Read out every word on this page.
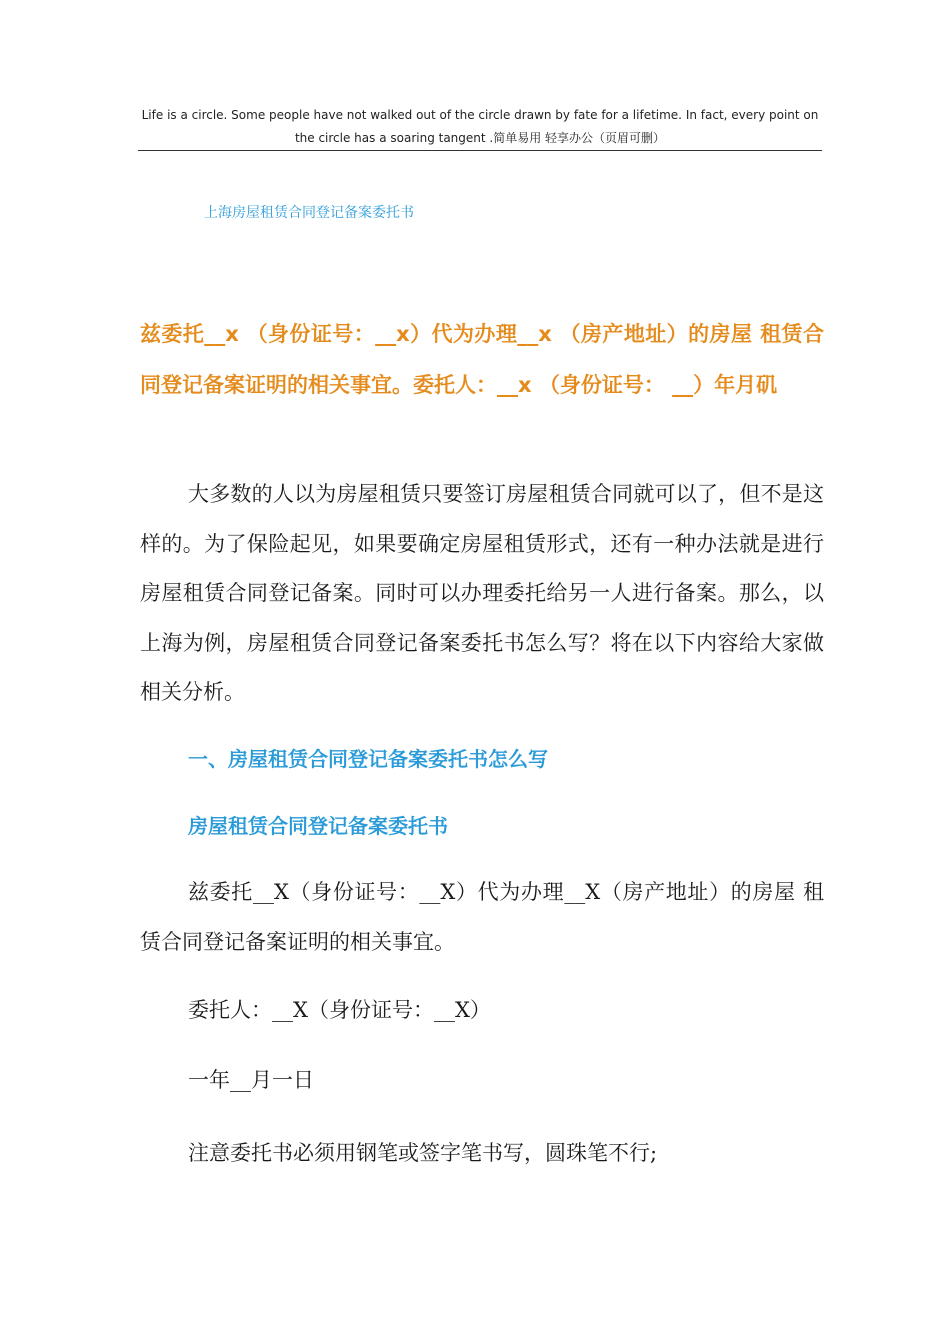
Life is a circle. Some people have not walked out of the circle drawn by fate for a lifetime. In fact, every point on
the circle has a soaring tangent .简单易用 轻享办公（页眉可删）
上海房屋租赁合同登记备案委托书
兹委托__x （身份证号：__x）代为办理__x （房产地址）的房屋 租赁合同登记备案证明的相关事宜。委托人：__x （身份证号： __）年月矶
大多数的人以为房屋租赁只要签订房屋租赁合同就可以了，但不是这样的。为了保险起见，如果要确定房屋租赁形式，还有一种办法就是进行房屋租赁合同登记备案。同时可以办理委托给另一人进行备案。那么，以上海为例，房屋租赁合同登记备案委托书怎么写？将在以下内容给大家做相关分析。
一、房屋租赁合同登记备案委托书怎么写
房屋租赁合同登记备案委托书
兹委托__X（身份证号：__X）代为办理__X（房产地址）的房屋 租赁合同登记备案证明的相关事宜。
委托人：__X（身份证号：__X）
一年__月一日
注意委托书必须用钢笔或签字笔书写，圆珠笔不行;
